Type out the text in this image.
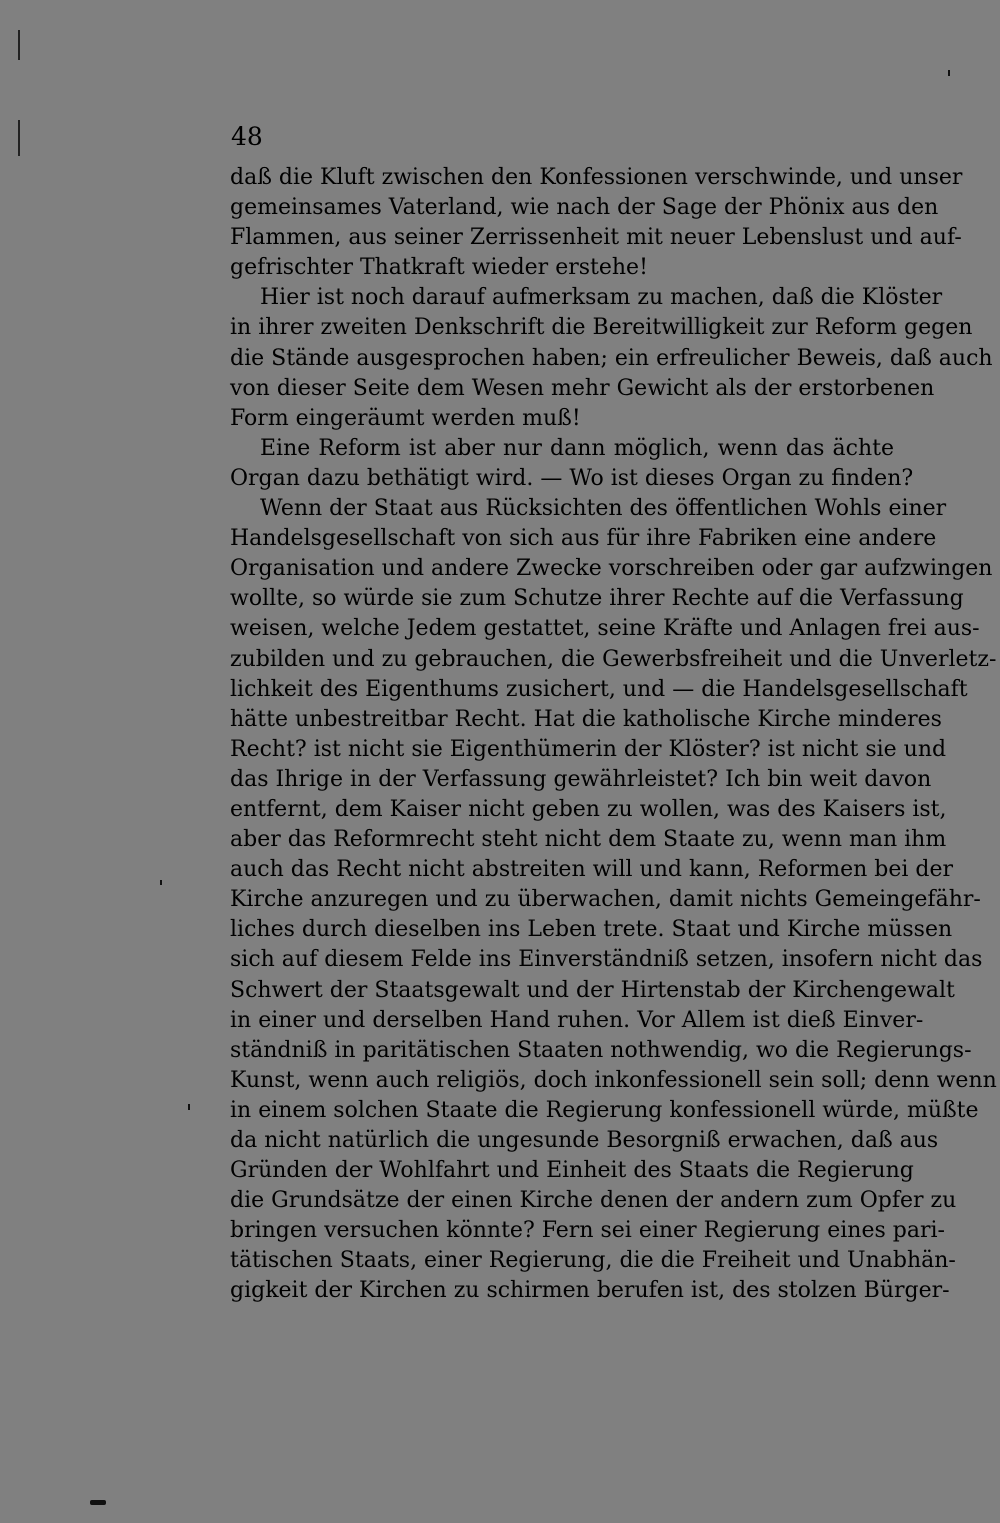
48
daß die Kluft zwischen den Konfessionen verschwinde, und unser
gemeinsames Vaterland, wie nach der Sage der Phönix aus den
Flammen, aus seiner Zerrissenheit mit neuer Lebenslust und auf-
gefrischter Thatkraft wieder erstehe!
Hier ist noch darauf aufmerksam zu machen, daß die Klöster
in ihrer zweiten Denkschrift die Bereitwilligkeit zur Reform gegen
die Stände ausgesprochen haben; ein erfreulicher Beweis, daß auch
von dieser Seite dem Wesen mehr Gewicht als der erstorbenen
Form eingeräumt werden muß!
Eine Reform ist aber nur dann möglich, wenn das ächte
Organ dazu bethätigt wird. — Wo ist dieses Organ zu finden?
Wenn der Staat aus Rücksichten des öffentlichen Wohls einer
Handelsgesellschaft von sich aus für ihre Fabriken eine andere
Organisation und andere Zwecke vorschreiben oder gar aufzwingen
wollte, so würde sie zum Schutze ihrer Rechte auf die Verfassung
weisen, welche Jedem gestattet, seine Kräfte und Anlagen frei aus-
zubilden und zu gebrauchen, die Gewerbsfreiheit und die Unverletz-
lichkeit des Eigenthums zusichert, und — die Handelsgesellschaft
hätte unbestreitbar Recht. Hat die katholische Kirche minderes
Recht? ist nicht sie Eigenthümerin der Klöster? ist nicht sie und
das Ihrige in der Verfassung gewährleistet? Ich bin weit davon
entfernt, dem Kaiser nicht geben zu wollen, was des Kaisers ist,
aber das Reformrecht steht nicht dem Staate zu, wenn man ihm
auch das Recht nicht abstreiten will und kann, Reformen bei der
Kirche anzuregen und zu überwachen, damit nichts Gemeingefähr-
liches durch dieselben ins Leben trete. Staat und Kirche müssen
sich auf diesem Felde ins Einverständniß setzen, insofern nicht das
Schwert der Staatsgewalt und der Hirtenstab der Kirchengewalt
in einer und derselben Hand ruhen. Vor Allem ist dieß Einver-
ständniß in paritätischen Staaten nothwendig, wo die Regierungs-
Kunst, wenn auch religiös, doch inkonfessionell sein soll; denn wenn
in einem solchen Staate die Regierung konfessionell würde, müßte
da nicht natürlich die ungesunde Besorgniß erwachen, daß aus
Gründen der Wohlfahrt und Einheit des Staats die Regierung
die Grundsätze der einen Kirche denen der andern zum Opfer zu
bringen versuchen könnte? Fern sei einer Regierung eines pari-
tätischen Staats, einer Regierung, die die Freiheit und Unabhän-
gigkeit der Kirchen zu schirmen berufen ist, des stolzen Bürger-
